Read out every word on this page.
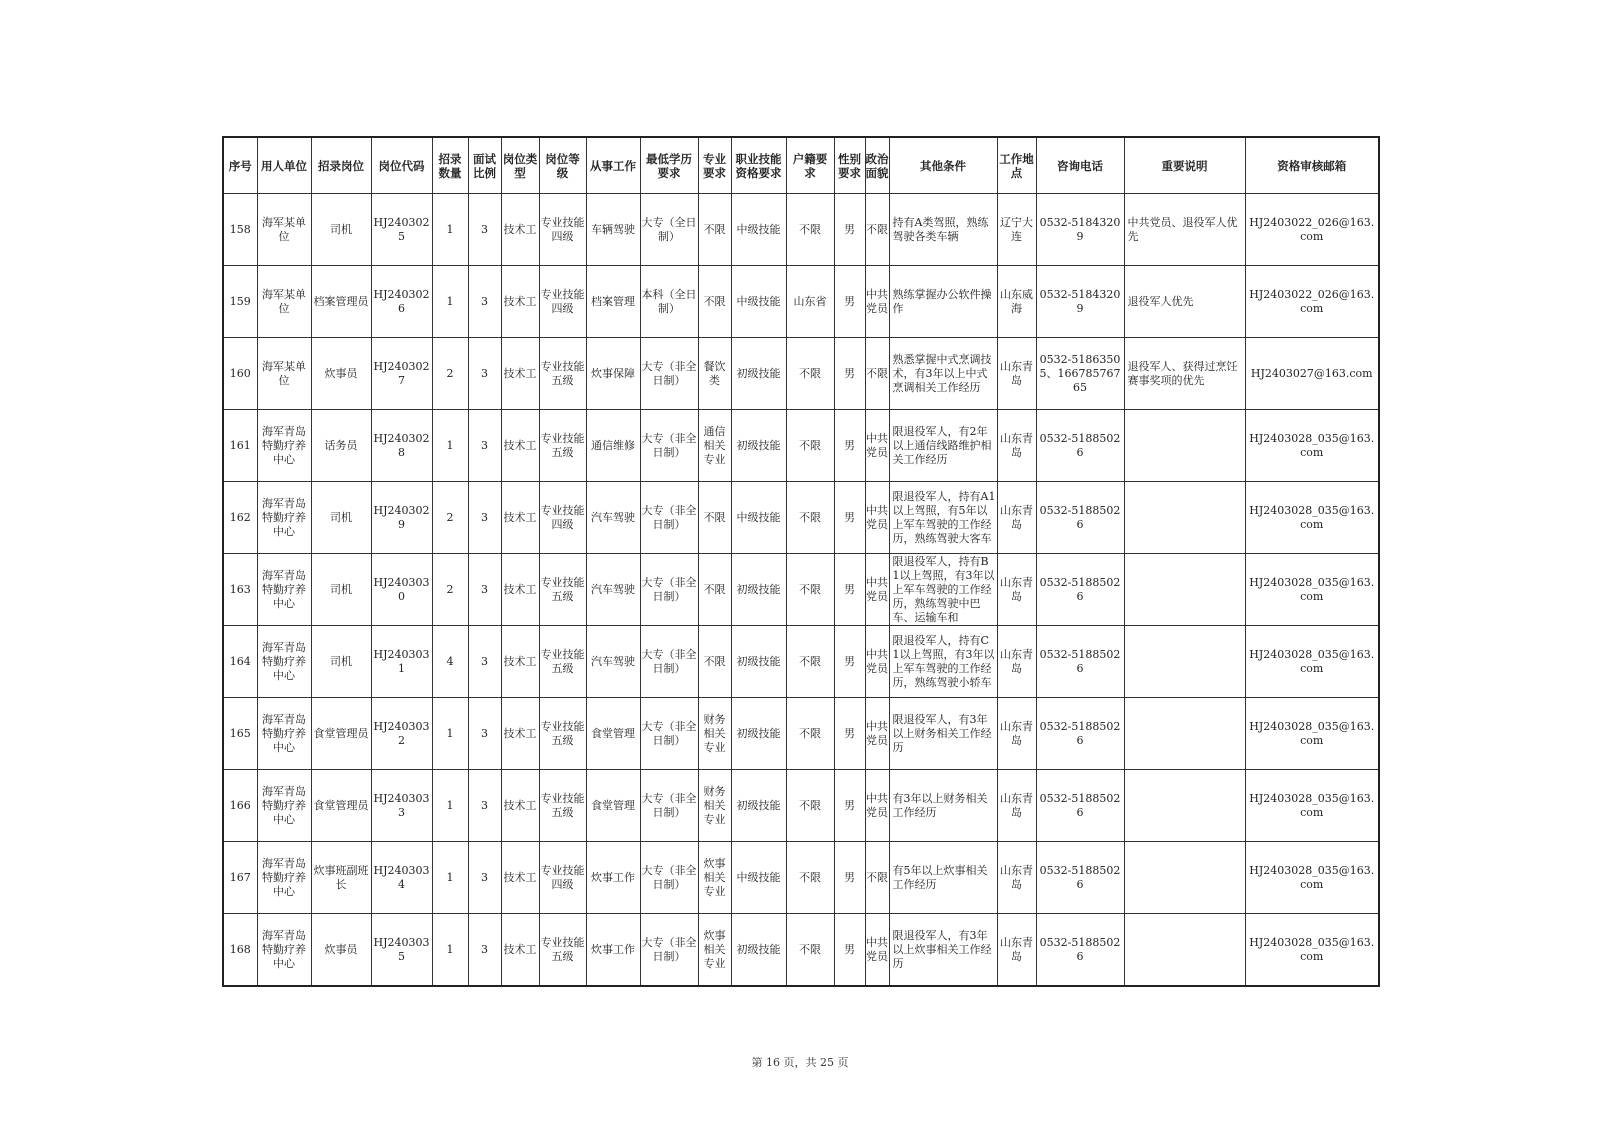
序号	用人单位	招录岗位	岗位代码	招录数量	面试比例	岗位类型	岗位等级	从事工作	最低学历要求	专业要求	职业技能资格要求	户籍要求	性别要求	政治面貌	其他条件	工作地点	咨询电话	重要说明	资格审核邮箱
158	海军某单位	司机	HJ2403025	1	3	技术工	专业技能四级	车辆驾驶	大专（全日制）	不限	中级技能	不限	男	不限	持有A类驾照，熟练驾驶各类车辆	辽宁大连	0532-51843209	中共党员、退役军人优先	HJ2403022_026@163.com
159	海军某单位	档案管理员	HJ2403026	1	3	技术工	专业技能四级	档案管理	本科（全日制）	不限	中级技能	山东省	男	中共党员	熟练掌握办公软件操作	山东威海	0532-51843209	退役军人优先	HJ2403022_026@163.com
160	海军某单位	炊事员	HJ2403027	2	3	技术工	专业技能五级	炊事保障	大专（非全日制）	餐饮类	初级技能	不限	男	不限	熟悉掌握中式烹调技术，有3年以上中式烹调相关工作经历	山东青岛	0532-51863505、16678576765	退役军人、获得过烹饪赛事奖项的优先	HJ2403027@163.com
161	海军青岛特勤疗养中心	话务员	HJ2403028	1	3	技术工	专业技能五级	通信维修	大专（非全日制）	通信相关专业	初级技能	不限	男	中共党员	限退役军人，有2年以上通信线路维护相关工作经历	山东青岛	0532-51885026		HJ2403028_035@163.com
162	海军青岛特勤疗养中心	司机	HJ2403029	2	3	技术工	专业技能四级	汽车驾驶	大专（非全日制）	不限	中级技能	不限	男	中共党员	限退役军人，持有A1以上驾照，有5年以上军车驾驶的工作经历，熟练驾驶大客车	山东青岛	0532-51885026		HJ2403028_035@163.com
163	海军青岛特勤疗养中心	司机	HJ2403030	2	3	技术工	专业技能五级	汽车驾驶	大专（非全日制）	不限	初级技能	不限	男	中共党员	限退役军人，持有B1以上驾照，有3年以上军车驾驶的工作经历，熟练驾驶中巴车、运输车和	山东青岛	0532-51885026		HJ2403028_035@163.com
164	海军青岛特勤疗养中心	司机	HJ2403031	4	3	技术工	专业技能五级	汽车驾驶	大专（非全日制）	不限	初级技能	不限	男	中共党员	限退役军人，持有C1以上驾照，有3年以上军车驾驶的工作经历，熟练驾驶小轿车	山东青岛	0532-51885026		HJ2403028_035@163.com
165	海军青岛特勤疗养中心	食堂管理员	HJ2403032	1	3	技术工	专业技能五级	食堂管理	大专（非全日制）	财务相关专业	初级技能	不限	男	中共党员	限退役军人，有3年以上财务相关工作经历	山东青岛	0532-51885026		HJ2403028_035@163.com
166	海军青岛特勤疗养中心	食堂管理员	HJ2403033	1	3	技术工	专业技能五级	食堂管理	大专（非全日制）	财务相关专业	初级技能	不限	男	中共党员	有3年以上财务相关工作经历	山东青岛	0532-51885026		HJ2403028_035@163.com
167	海军青岛特勤疗养中心	炊事班副班长	HJ2403034	1	3	技术工	专业技能四级	炊事工作	大专（非全日制）	炊事相关专业	中级技能	不限	男	不限	有5年以上炊事相关工作经历	山东青岛	0532-51885026		HJ2403028_035@163.com
168	海军青岛特勤疗养中心	炊事员	HJ2403035	1	3	技术工	专业技能五级	炊事工作	大专（非全日制）	炊事相关专业	初级技能	不限	男	中共党员	限退役军人，有3年以上炊事相关工作经历	山东青岛	0532-51885026		HJ2403028_035@163.com
第 16 页，共 25 页
